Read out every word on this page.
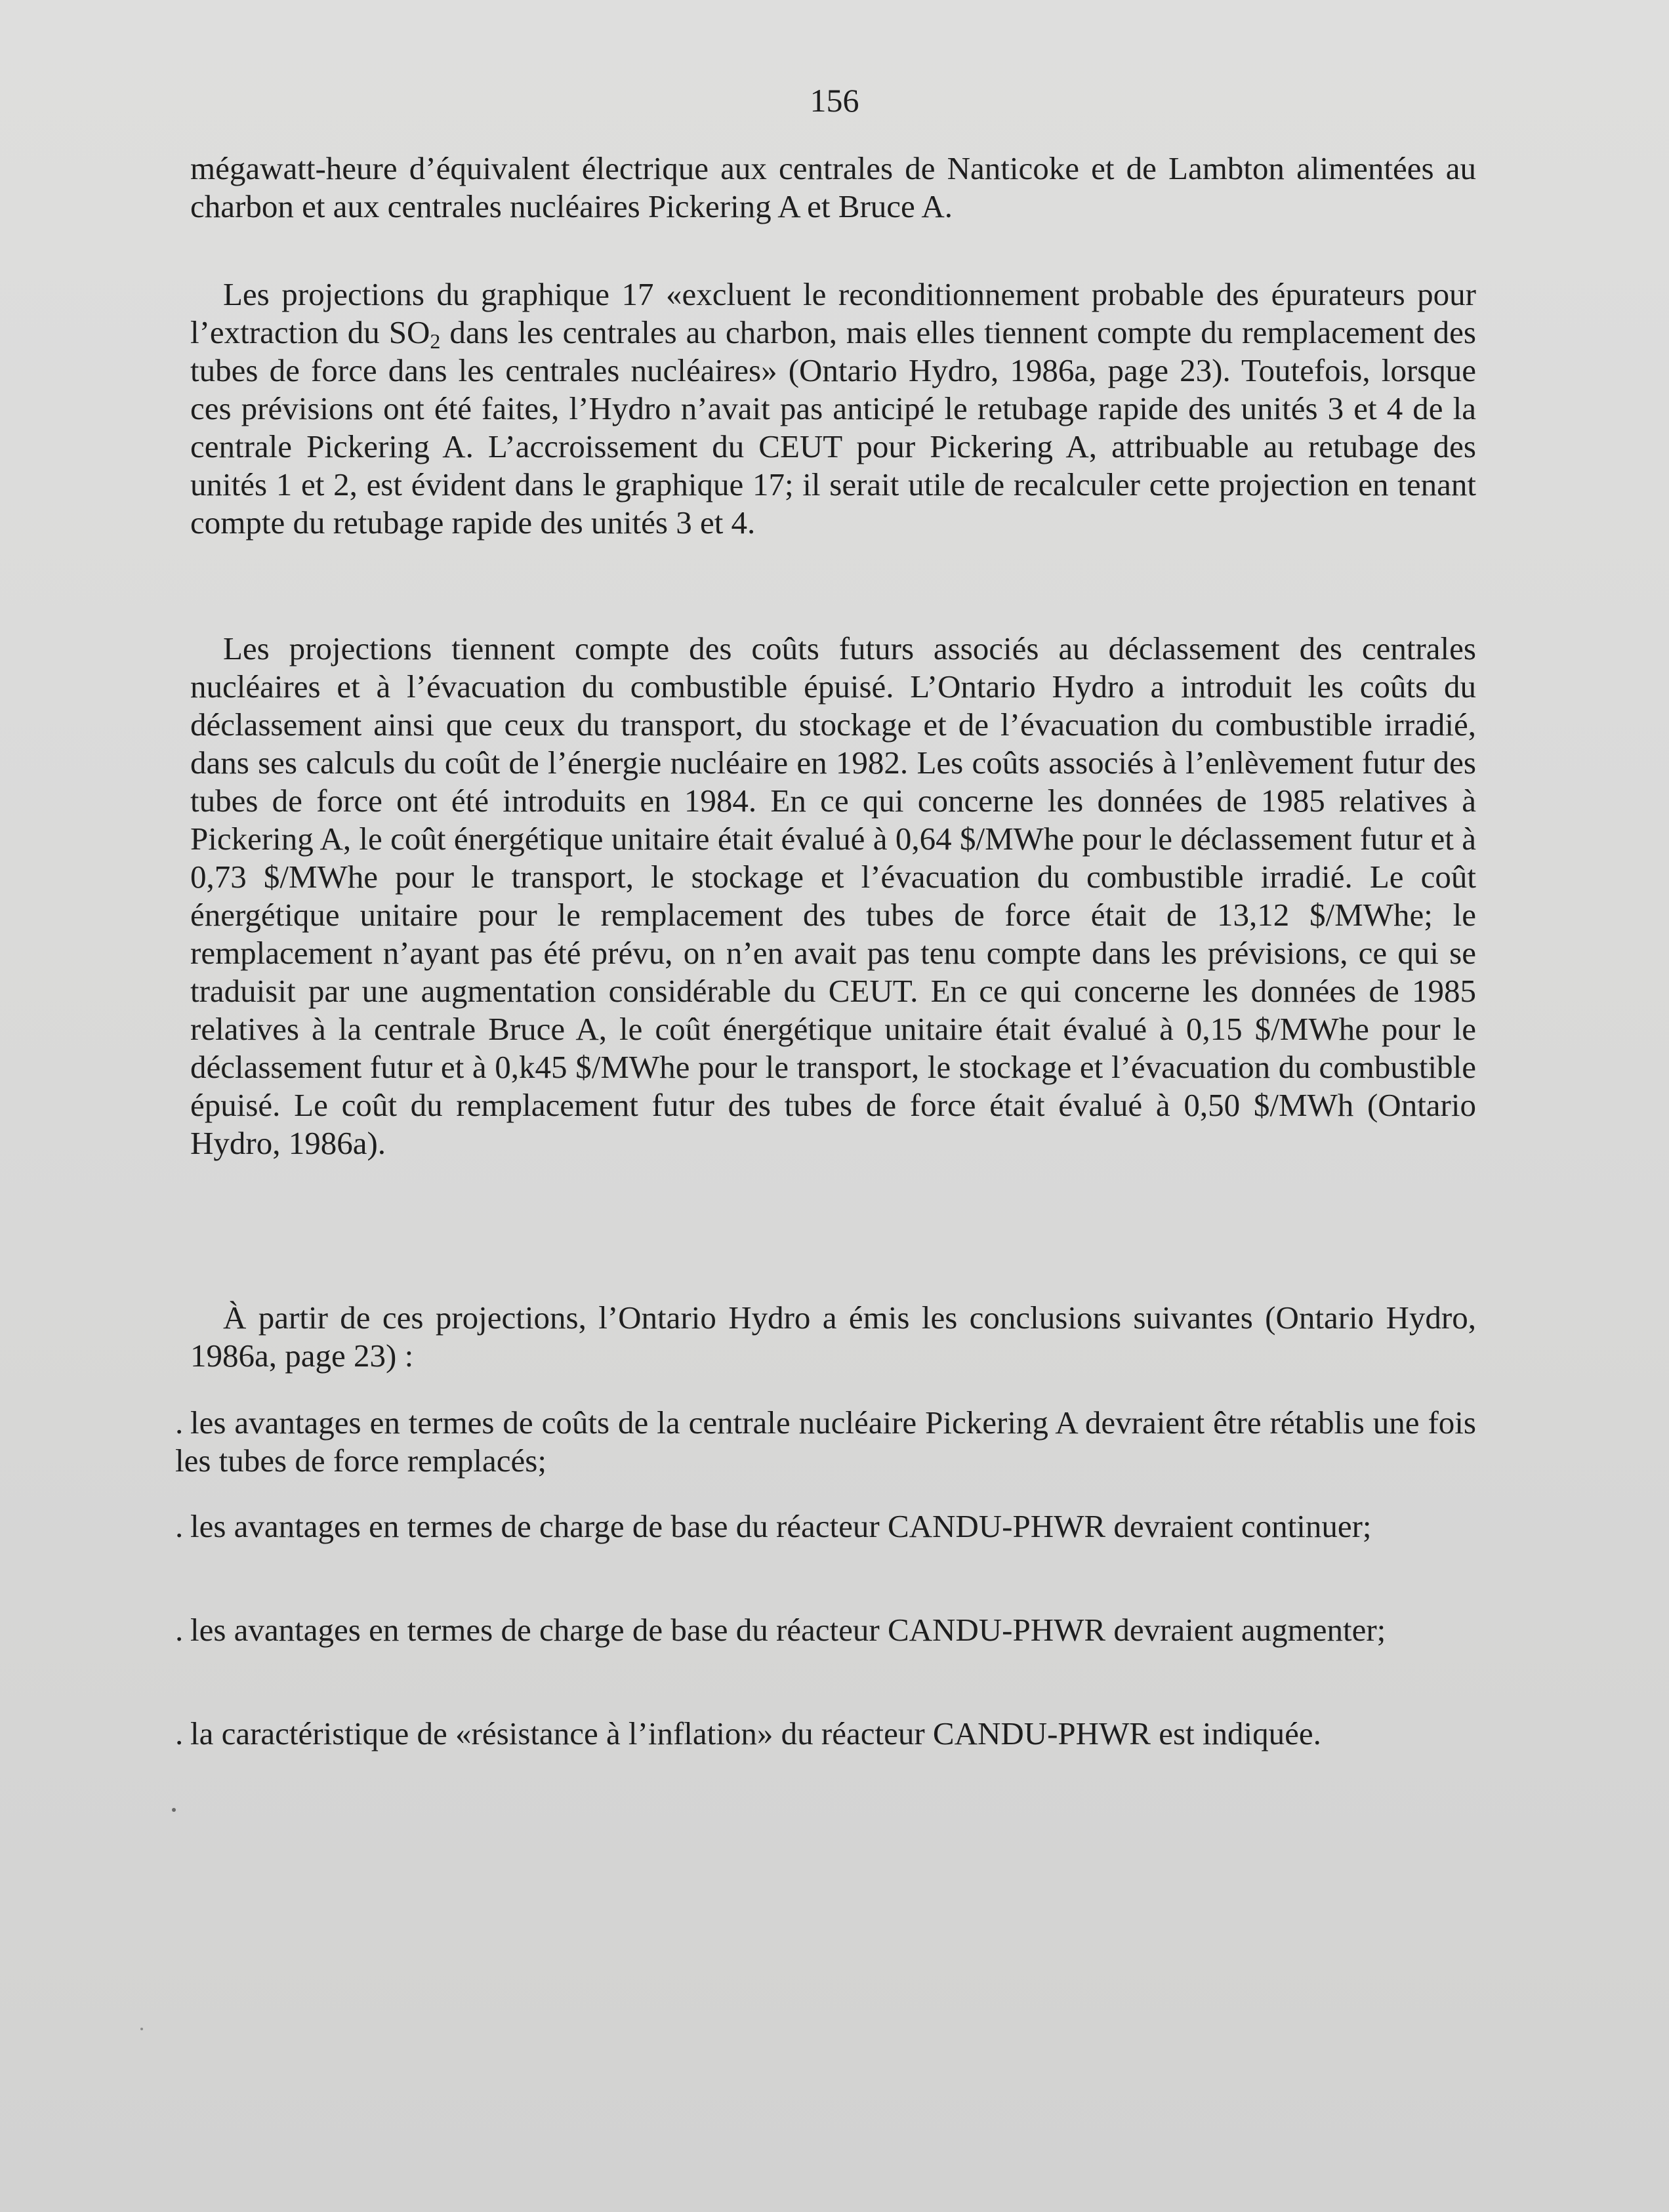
156

mégawatt-heure d’équivalent électrique aux centrales de Nanticoke et de Lambton alimentées au charbon et aux centrales nucléaires Pickering A et Bruce A.

Les projections du graphique 17 «excluent le reconditionnement probable des épurateurs pour l’extraction du $SO_2$ dans les centrales au charbon, mais elles tiennent compte du remplacement des tubes de force dans les centrales nucléaires» (Ontario Hydro, 1986a, page 23). Toutefois, lorsque ces prévisions ont été faites, l’Hydro n’avait pas anticipé le retubage rapide des unités 3 et 4 de la centrale Pickering A. L’accroissement du CEUT pour Pickering A, attribuable au retubage des unités 1 et 2, est évident dans le graphique 17; il serait utile de recalculer cette projection en tenant compte du retubage rapide des unités 3 et 4.

Les projections tiennent compte des coûts futurs associés au déclassement des centrales nucléaires et à l’évacuation du combustible épuisé. L’Ontario Hydro a introduit les coûts du déclassement ainsi que ceux du transport, du stockage et de l’évacuation du combustible irradié, dans ses calculs du coût de l’énergie nucléaire en 1982. Les coûts associés à l’enlèvement futur des tubes de force ont été introduits en 1984. En ce qui concerne les données de 1985 relatives à Pickering A, le coût énergétique unitaire était évalué à 0,64 $/MWhe pour le déclassement futur et à 0,73 $/MWhe pour le transport, le stockage et l’évacuation du combustible irradié. Le coût énergétique unitaire pour le remplacement des tubes de force était de 13,12 $/MWhe; le remplacement n’ayant pas été prévu, on n’en avait pas tenu compte dans les prévisions, ce qui se traduisit par une augmentation considérable du CEUT. En ce qui concerne les données de 1985 relatives à la centrale Bruce A, le coût énergétique unitaire était évalué à 0,15 $/MWhe pour le déclassement futur et à 0,k45 $/MWhe pour le transport, le stockage et l’évacuation du combustible épuisé. Le coût du remplacement futur des tubes de force était évalué à 0,50 $/MWh (Ontario Hydro, 1986a).

À partir de ces projections, l’Ontario Hydro a émis les conclusions suivantes (Ontario Hydro, 1986a, page 23) :

. les avantages en termes de coûts de la centrale nucléaire Pickering A devraient être rétablis une fois les tubes de force remplacés;

. les avantages en termes de charge de base du réacteur CANDU-PHWR devraient continuer;

. les avantages en termes de charge de base du réacteur CANDU-PHWR devraient augmenter;

. la caractéristique de «résistance à l’inflation» du réacteur CANDU-PHWR est indiquée.
